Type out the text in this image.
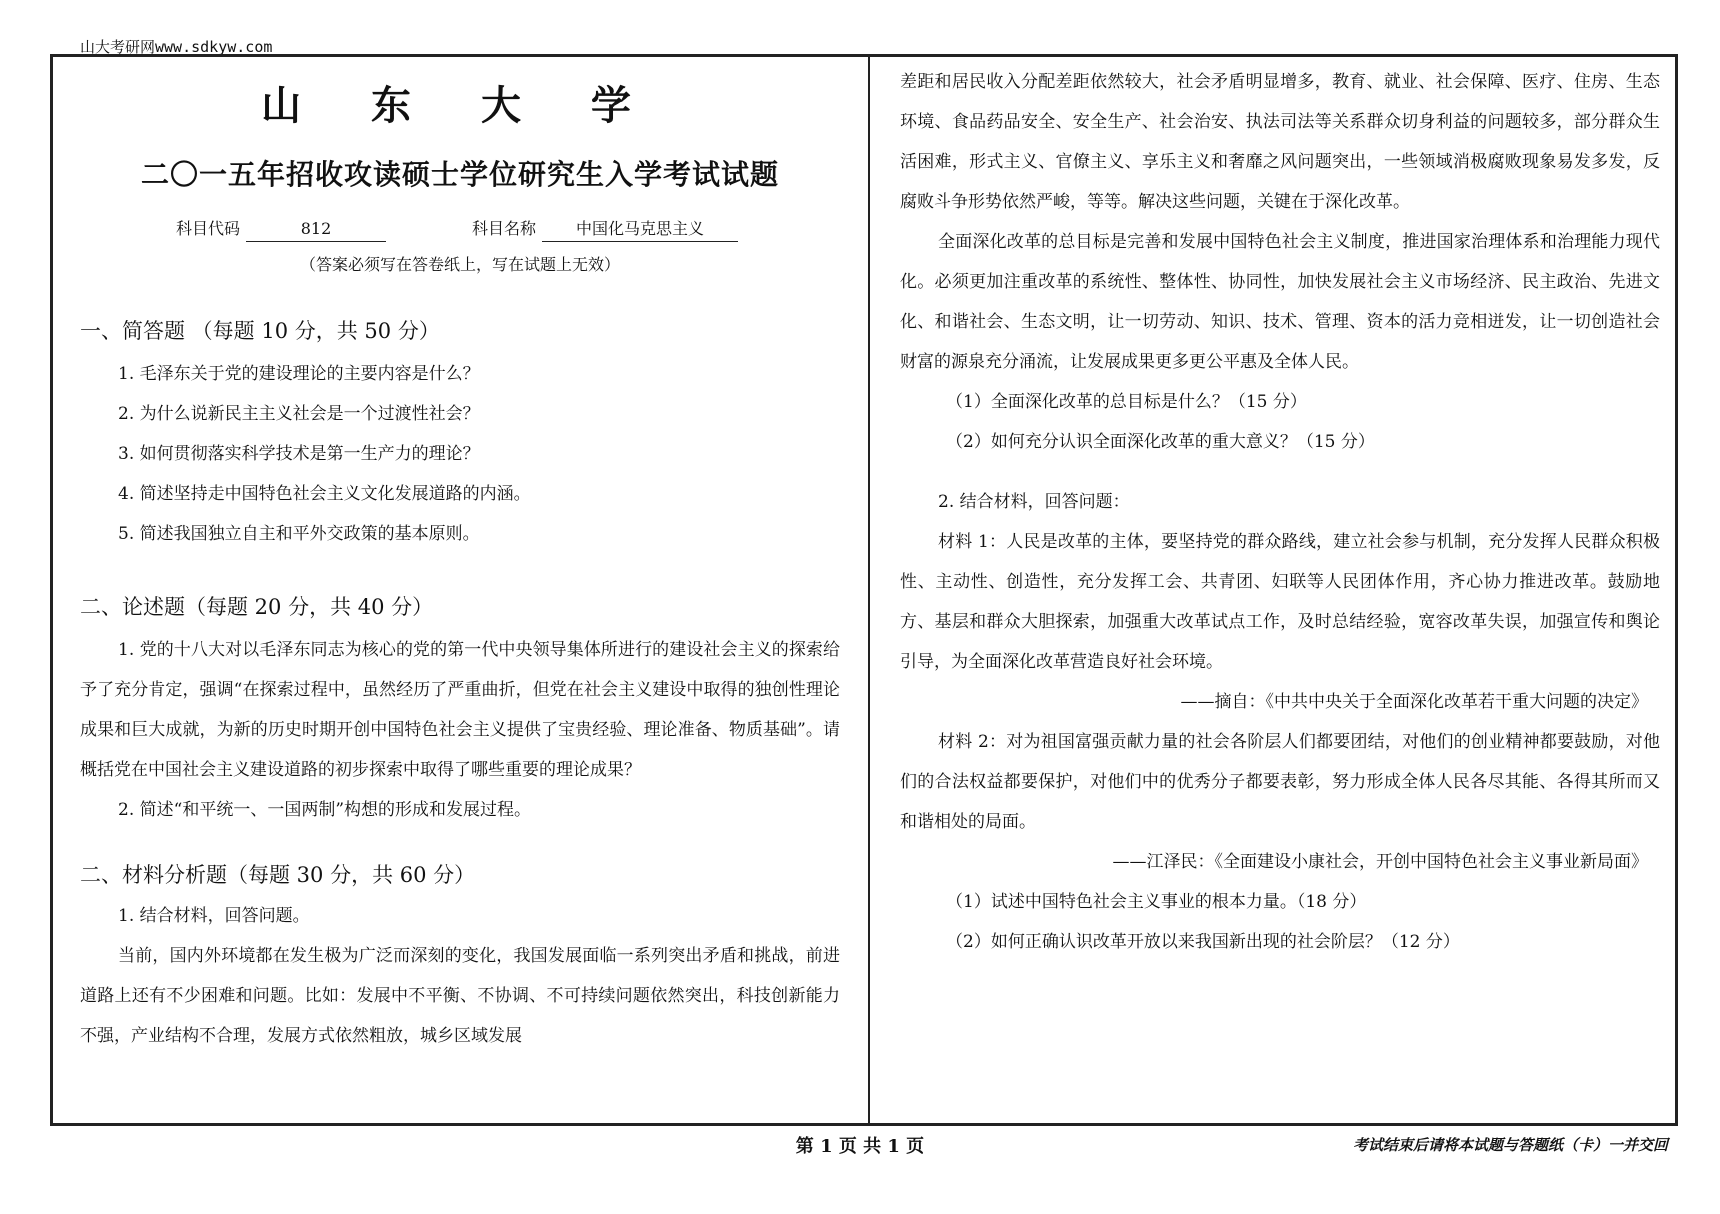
山大考研网www.sdkyw.com
山 东 大 学
二〇一五年招收攻读硕士学位研究生入学考试试题
科目代码	812	科目名称	中国化马克思主义
（答案必须写在答卷纸上，写在试题上无效）
一、简答题 （每题 10 分，共 50 分）
1. 毛泽东关于党的建设理论的主要内容是什么？
2. 为什么说新民主主义社会是一个过渡性社会？
3. 如何贯彻落实科学技术是第一生产力的理论？
4. 简述坚持走中国特色社会主义文化发展道路的内涵。
5. 简述我国独立自主和平外交政策的基本原则。
二、论述题（每题 20 分，共 40 分）

1. 党的十八大对以毛泽东同志为核心的党的第一代中央领导集体所进行的建设社会主义的探索给予了充分肯定，强调“在探索过程中，虽然经历了严重曲折，但党在社会主义建设中取得的独创性理论成果和巨大成就，为新的历史时期开创中国特色社会主义提供了宝贵经验、理论准备、物质基础”。请概括党在中国社会主义建设道路的初步探索中取得了哪些重要的理论成果？

2. 简述“和平统一、一国两制”构想的形成和发展过程。
二、材料分析题（每题 30 分，共 60 分）
1. 结合材料，回答问题。

当前，国内外环境都在发生极为广泛而深刻的变化，我国发展面临一系列突出矛盾和挑战，前进道路上还有不少困难和问题。比如：发展中不平衡、不协调、不可持续问题依然突出，科技创新能力不强，产业结构不合理，发展方式依然粗放，城乡区域发展

差距和居民收入分配差距依然较大，社会矛盾明显增多，教育、就业、社会保障、医疗、住房、生态环境、食品药品安全、安全生产、社会治安、执法司法等关系群众切身利益的问题较多，部分群众生活困难，形式主义、官僚主义、享乐主义和奢靡之风问题突出，一些领域消极腐败现象易发多发，反腐败斗争形势依然严峻，等等。解决这些问题，关键在于深化改革。

全面深化改革的总目标是完善和发展中国特色社会主义制度，推进国家治理体系和治理能力现代化。必须更加注重改革的系统性、整体性、协同性，加快发展社会主义市场经济、民主政治、先进文化、和谐社会、生态文明，让一切劳动、知识、技术、管理、资本的活力竞相迸发，让一切创造社会财富的源泉充分涌流，让发展成果更多更公平惠及全体人民。

（1）全面深化改革的总目标是什么？（15 分）
（2）如何充分认识全面深化改革的重大意义？（15 分）
2. 结合材料，回答问题：

材料 1：人民是改革的主体，要坚持党的群众路线，建立社会参与机制，充分发挥人民群众积极性、主动性、创造性，充分发挥工会、共青团、妇联等人民团体作用，齐心协力推进改革。鼓励地方、基层和群众大胆探索，加强重大改革试点工作，及时总结经验，宽容改革失误，加强宣传和舆论引导，为全面深化改革营造良好社会环境。

——摘自：《中共中央关于全面深化改革若干重大问题的决定》

材料 2：对为祖国富强贡献力量的社会各阶层人们都要团结，对他们的创业精神都要鼓励，对他们的合法权益都要保护，对他们中的优秀分子都要表彰，努力形成全体人民各尽其能、各得其所而又和谐相处的局面。

——江泽民：《全面建设小康社会，开创中国特色社会主义事业新局面》
（1）试述中国特色社会主义事业的根本力量。（18 分）
（2）如何正确认识改革开放以来我国新出现的社会阶层？（12 分）
第 1 页 共 1 页	考试结束后请将本试题与答题纸（卡）一并交回
